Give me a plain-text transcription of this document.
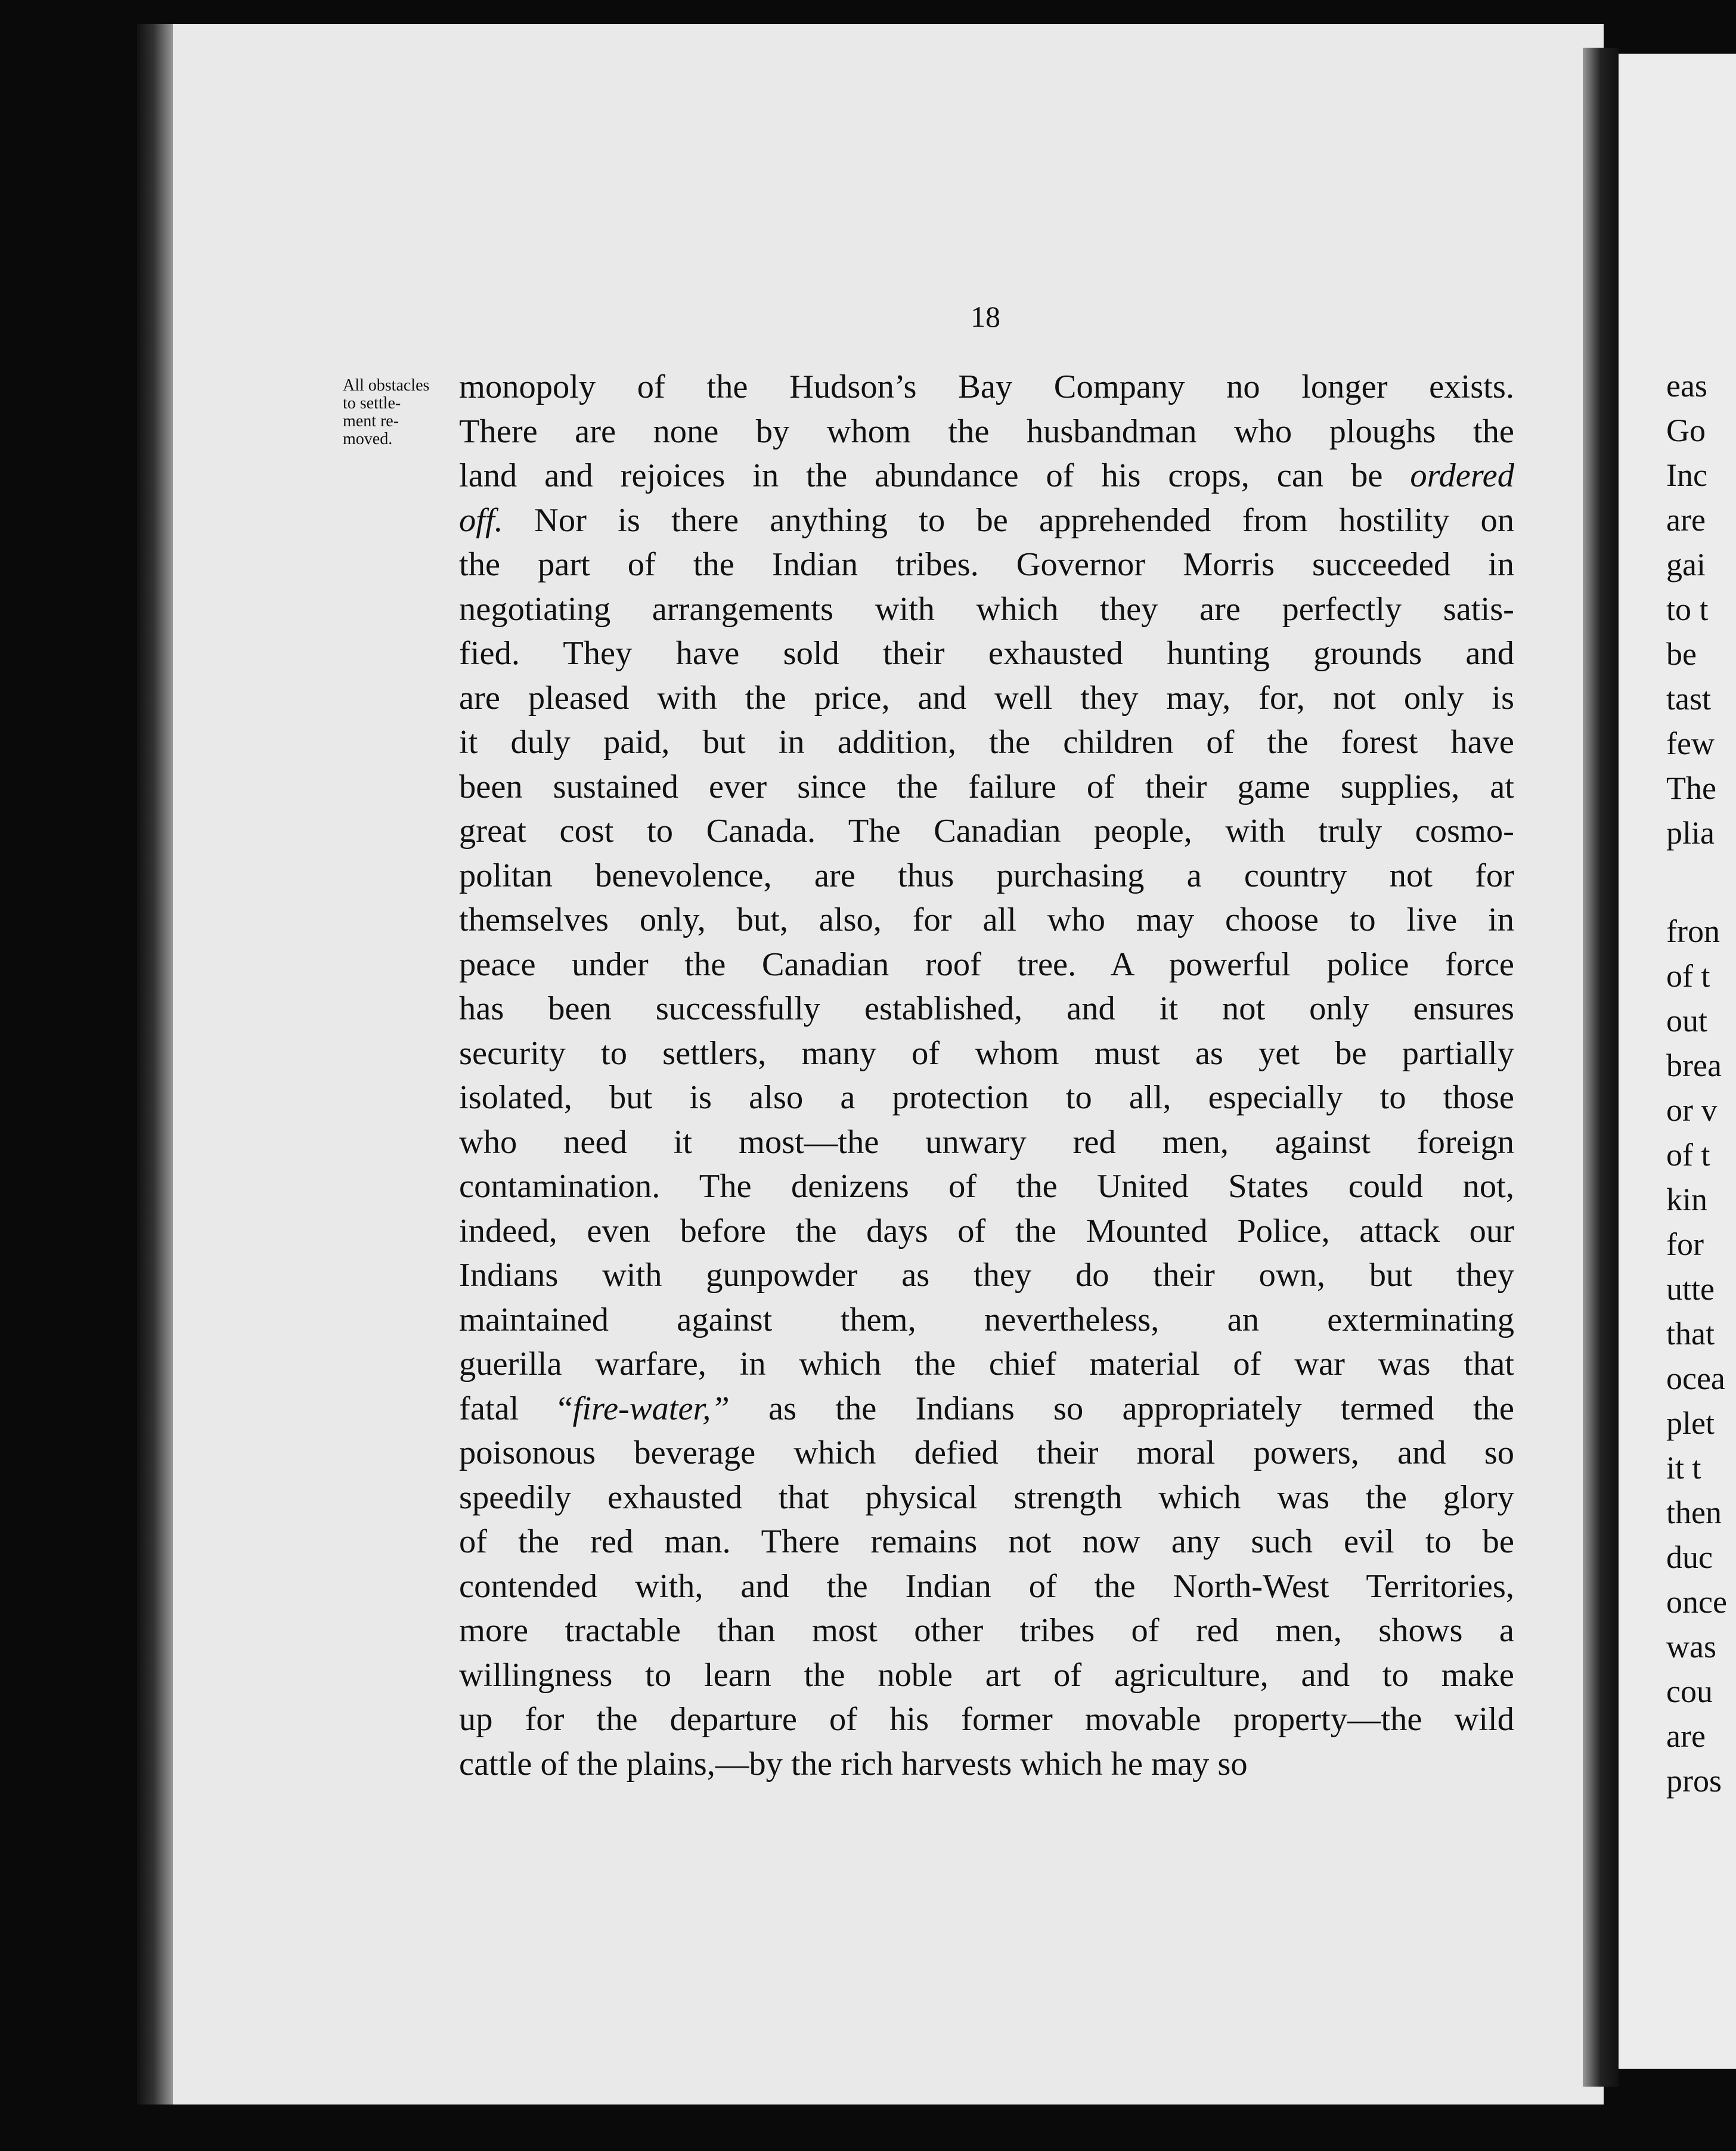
18
All obstacles
to settle-
ment re-
moved.
monopoly of the Hudson’s Bay Company no longer exists.
There are none by whom the husbandman who ploughs the
land and rejoices in the abundance of his crops, can be ordered
off. Nor is there anything to be apprehended from hostility on
the part of the Indian tribes. Governor Morris succeeded in
negotiating arrangements with which they are perfectly satis-
fied. They have sold their exhausted hunting grounds and
are pleased with the price, and well they may, for, not only is
it duly paid, but in addition, the children of the forest have
been sustained ever since the failure of their game supplies, at
great cost to Canada. The Canadian people, with truly cosmo-
politan benevolence, are thus purchasing a country not for
themselves only, but, also, for all who may choose to live in
peace under the Canadian roof tree. A powerful police force
has been successfully established, and it not only ensures
security to settlers, many of whom must as yet be partially
isolated, but is also a protection to all, especially to those
who need it most—the unwary red men, against foreign
contamination. The denizens of the United States could not,
indeed, even before the days of the Mounted Police, attack our
Indians with gunpowder as they do their own, but they
maintained against them, nevertheless, an exterminating
guerilla warfare, in which the chief material of war was that
fatal “fire-water,” as the Indians so appropriately termed the
poisonous beverage which defied their moral powers, and so
speedily exhausted that physical strength which was the glory
of the red man. There remains not now any such evil to be
contended with, and the Indian of the North-West Territories,
more tractable than most other tribes of red men, shows a
willingness to learn the noble art of agriculture, and to make
up for the departure of his former movable property—the wild
cattle of the plains,—by the rich harvests which he may so
eas
Go
Inc
are
gai
to t
be
tast
few
The
plia
fron
of t
out
brea
or v
of t
kin
for
utte
that
ocea
plet
it t
then
duc
once
was
cou
are
pros
